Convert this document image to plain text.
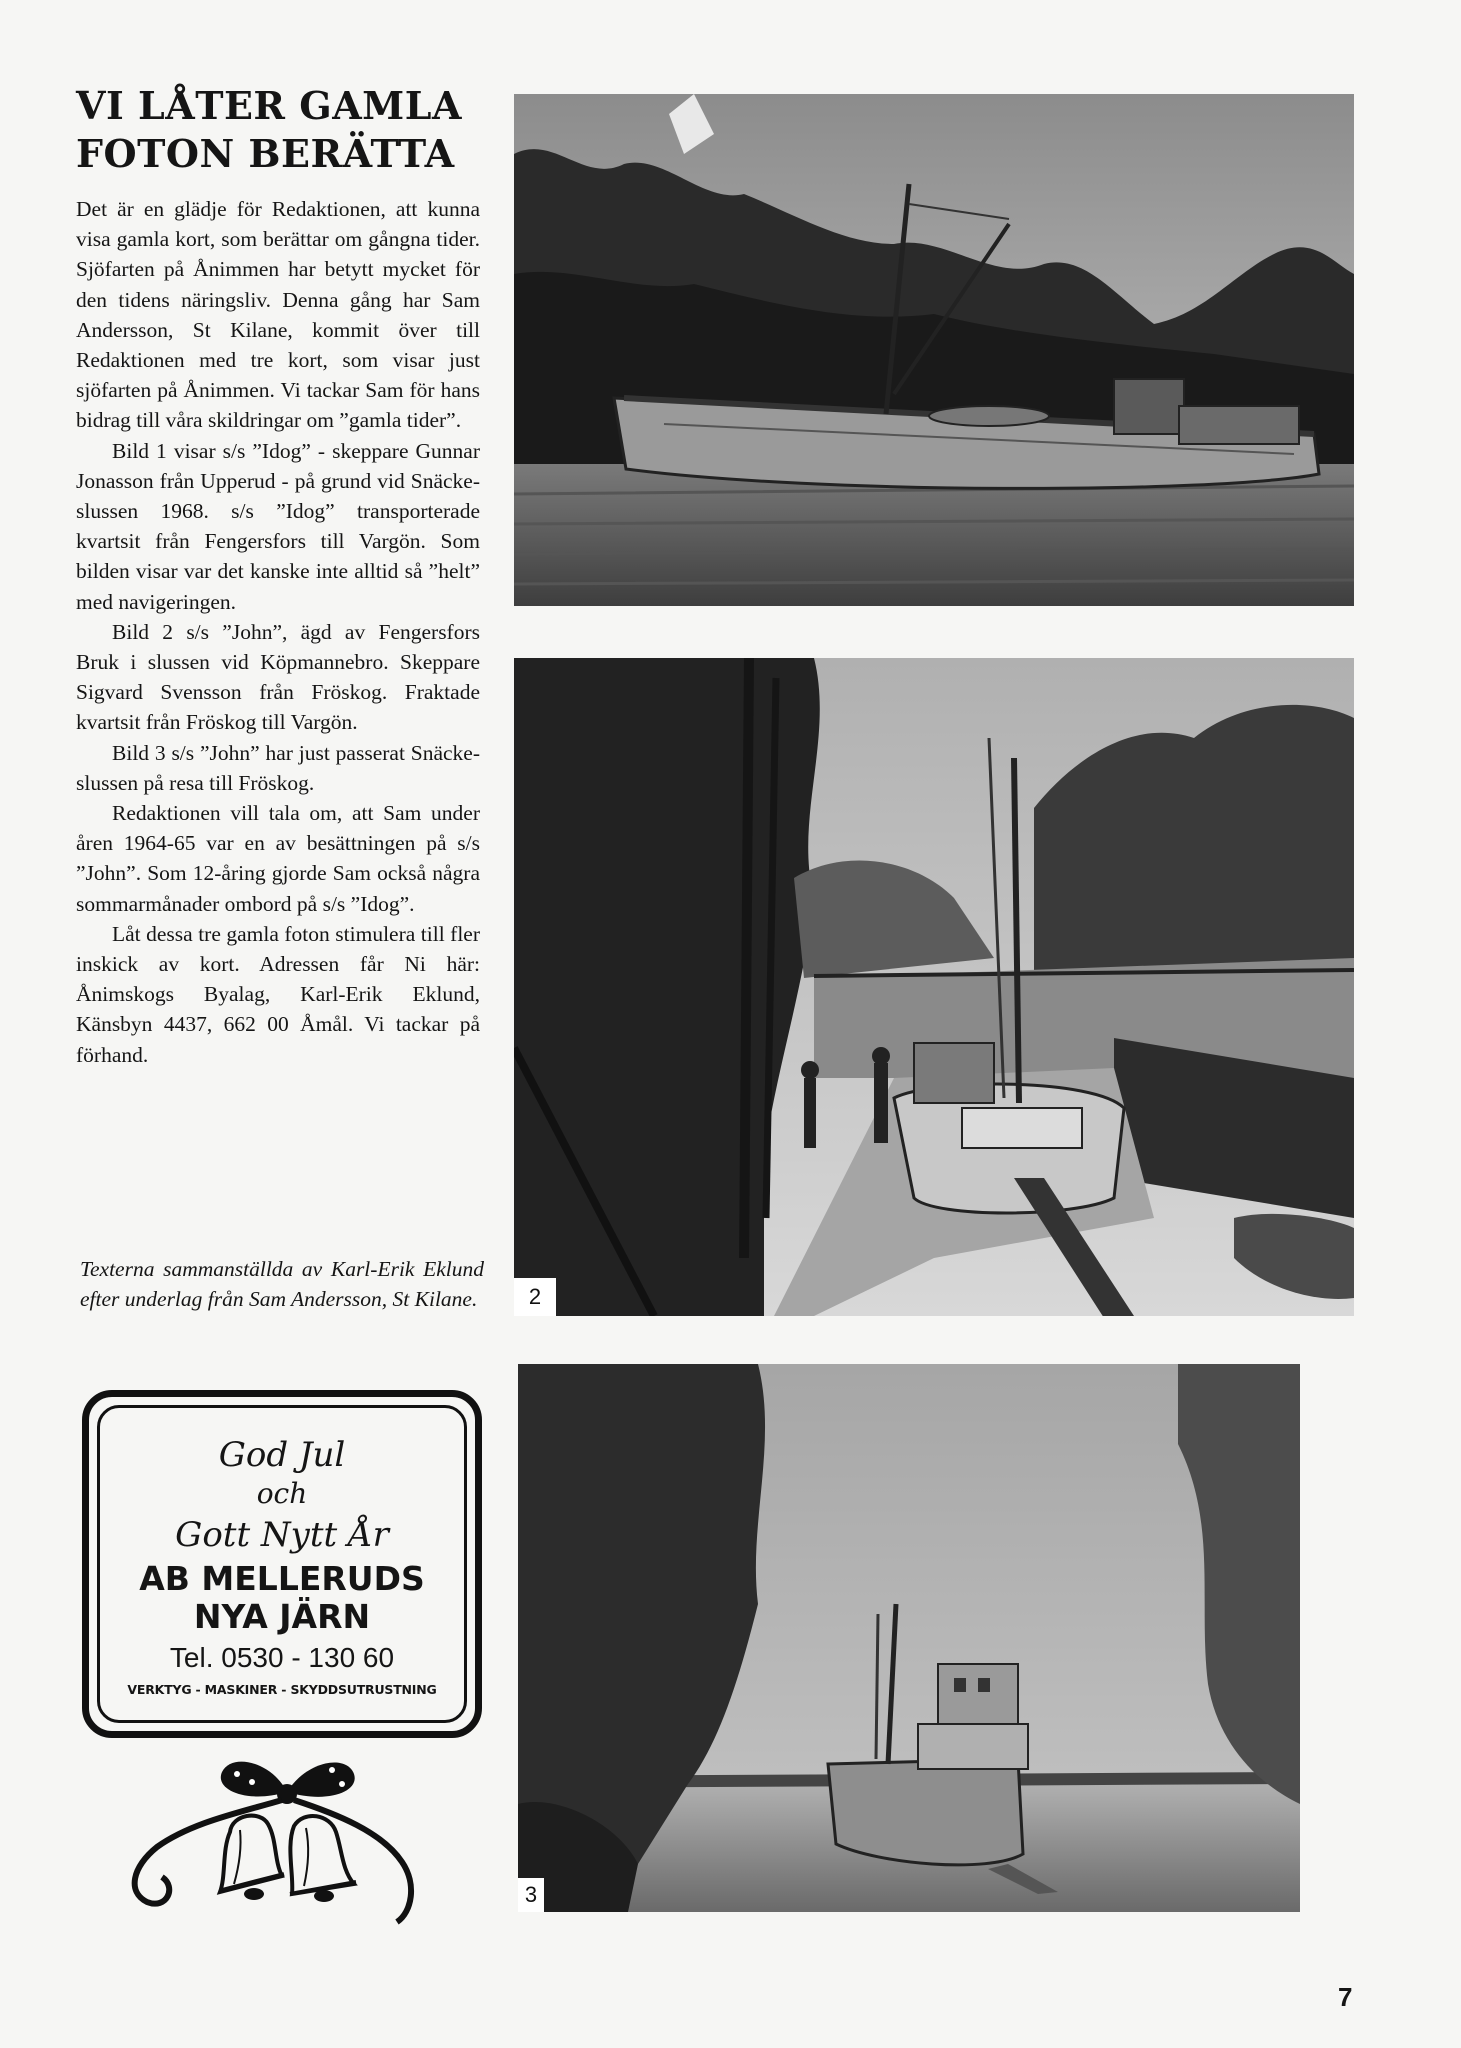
VI LÅTER GAMLA
FOTON BERÄTTA

Det är en glädje för Redaktionen, att kunna visa gamla kort, som berättar om gångna tider. Sjöfarten på Ånimmen har betytt mycket för den tidens näringsliv. Denna gång har Sam Andersson, St Kilane, kommit över till Redaktionen med tre kort, som visar just sjöfarten på Ånimmen. Vi tackar Sam för hans bidrag till våra skildringar om ”gamla tider”.

Bild 1 visar s/s ”Idog” - skeppare Gunnar Jonasson från Upperud - på grund vid Snäcke-slussen 1968. s/s ”Idog” transporterade kvartsit från Fengersfors till Vargön. Som bilden visar var det kanske inte alltid så ”helt” med navigeringen.

Bild 2 s/s ”John”, ägd av Fengersfors Bruk i slussen vid Köpmannebro. Skeppare Sigvard Svensson från Fröskog. Fraktade kvartsit från Fröskog till Vargön.

Bild 3 s/s ”John” har just passerat Snäcke-slussen på resa till Fröskog.

Redaktionen vill tala om, att Sam under åren 1964-65 var en av besättningen på s/s ”John”. Som 12-åring gjorde Sam också några sommarmånader ombord på s/s ”Idog”.

Låt dessa tre gamla foton stimulera till fler inskick av kort. Adressen får Ni här: Ånimskogs Byalag, Karl-Erik Eklund, Känsbyn 4437, 662 00 Åmål. Vi tackar på förhand.

Texterna sammanställda av Karl-Erik Eklund efter underlag från Sam Andersson, St Kilane.
God Jul
och
Gott Nytt År
AB MELLERUDS
NYA JÄRN
Tel. 0530 - 130 60
VERKTYG - MASKINER - SKYDDSUTRUSTNING
2
3
7
